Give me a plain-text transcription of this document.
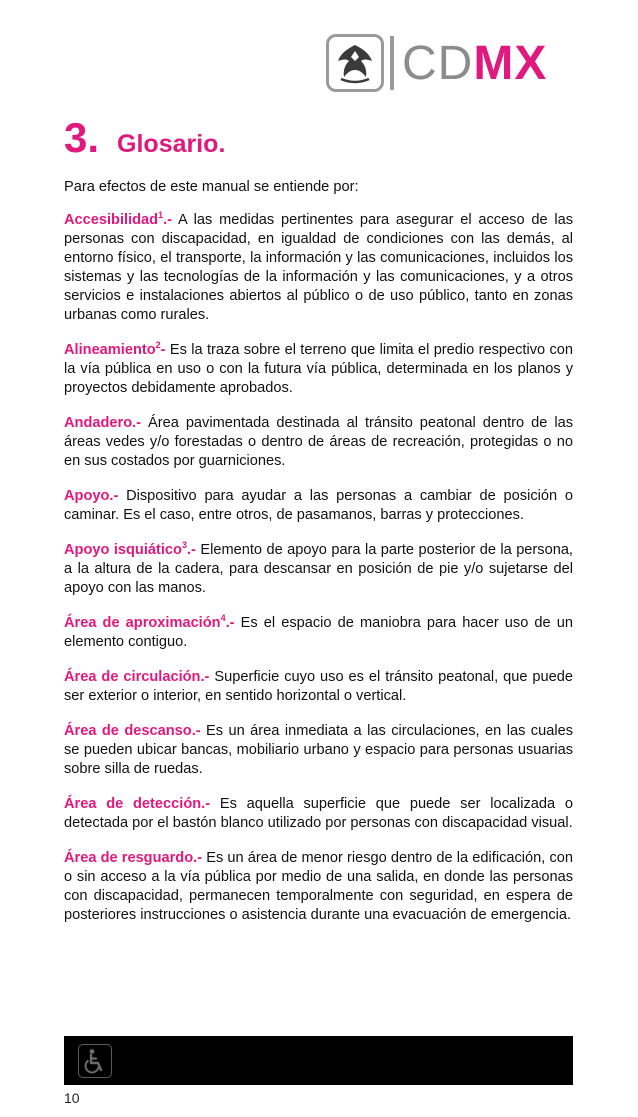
CDMX
3. Glosario.

Para efectos de este manual se entiende por:

Accesibilidad$^1$.- A las medidas pertinentes para asegurar el acceso de las personas con discapacidad, en igualdad de condiciones con las demás, al entorno físico, el transporte, la información y las comunicaciones, incluidos los sistemas y las tecnologías de la información y las comunicaciones, y a otros servicios e instalaciones abiertos al público o de uso público, tanto en zonas urbanas como rurales.

Alineamiento$^2$- Es la traza sobre el terreno que limita el predio respectivo con la vía pública en uso o con la futura vía pública, determinada en los planos y proyectos debidamente aprobados.

Andadero.- Área pavimentada destinada al tránsito peatonal dentro de las áreas vedes y/o forestadas o dentro de áreas de recreación, protegidas o no en sus costados por guarniciones.

Apoyo.- Dispositivo para ayudar a las personas a cambiar de posición o caminar. Es el caso, entre otros, de pasamanos, barras y protecciones.

Apoyo isquiático$^3$.- Elemento de apoyo para la parte posterior de la persona, a la altura de la cadera, para descansar en posición de pie y/o sujetarse del apoyo con las manos.

Área de aproximación$^4$.- Es el espacio de maniobra para hacer uso de un elemento contiguo.

Área de circulación.- Superficie cuyo uso es el tránsito peatonal, que puede ser exterior o interior, en sentido horizontal o vertical.

Área de descanso.- Es un área inmediata a las circulaciones, en las cuales se pueden ubicar bancas, mobiliario urbano y espacio para personas usuarias sobre silla de ruedas.

Área de detección.- Es aquella superficie que puede ser localizada o detectada por el bastón blanco utilizado por personas con discapacidad visual.

Área de resguardo.- Es un área de menor riesgo dentro de la edificación, con o sin acceso a la vía pública por medio de una salida, en donde las personas con discapacidad, permanecen temporalmente con seguridad, en espera de posteriores instrucciones o asistencia durante una evacuación de emergencia.

10
